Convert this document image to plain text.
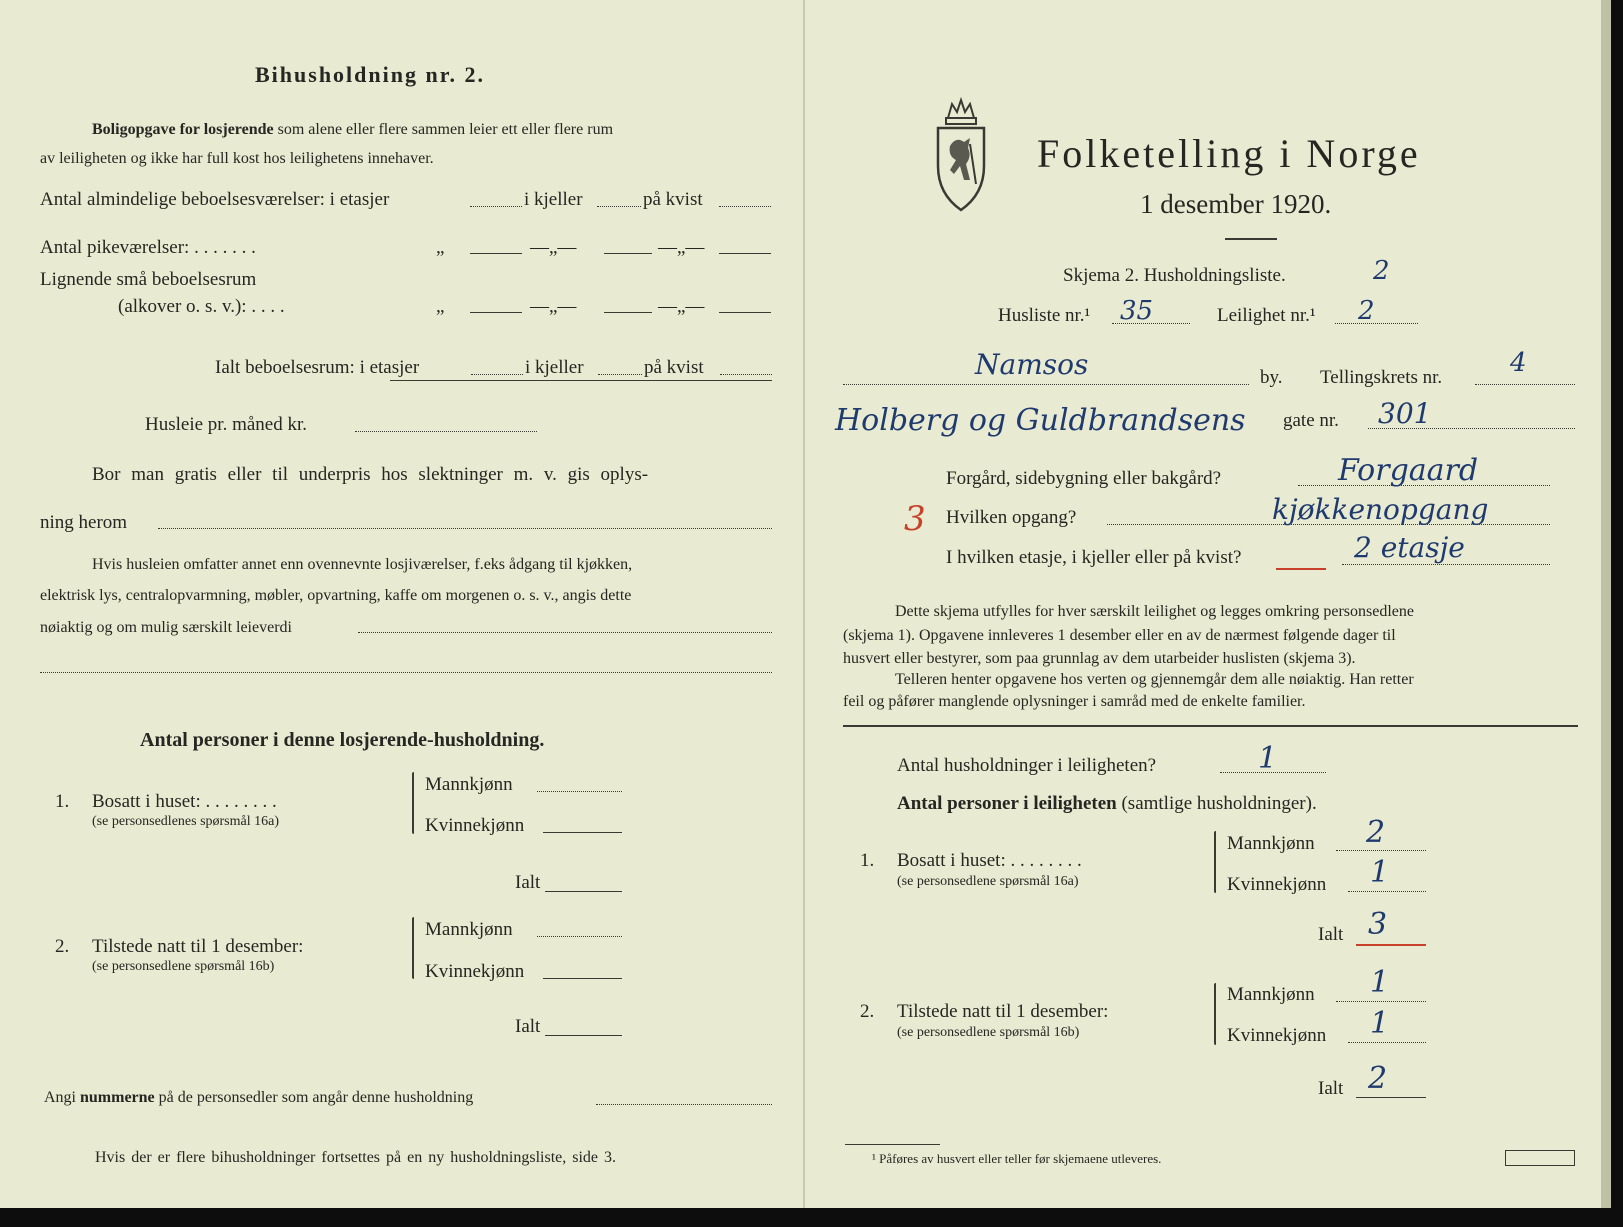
Bihusholdning nr. 2.
Boligopgave for losjerende som alene eller flere sammen leier ett eller flere rum
av leiligheten og ikke har full kost hos leilighetens innehaver.
Antal almindelige beboelsesværelser: i etasjer	i kjeller	på kvist
Antal pikeværelser: . . . . . . .	„	—„—	—„—
Lignende små beboelsesrum
(alkover o. s. v.): . . . .	„	—„—	—„—
Ialt beboelsesrum: i etasjer	i kjeller	på kvist
Husleie pr. måned kr.
Bor man gratis eller til underpris hos slektninger m. v. gis oplys-
ning herom
Hvis husleien omfatter annet enn ovennevnte losjiværelser, f.eks ådgang til kjøkken,
elektrisk lys, centralopvarmning, møbler, opvartning, kaffe om morgenen o. s. v., angis dette
nøiaktig og om mulig særskilt leieverdi
Antal personer i denne losjerende-husholdning.
1. Bosatt i huset: . . . . . . . .
(se personsedlenes spørsmål 16a)
Mannkjønn
Kvinnekjønn
Ialt
2. Tilstede natt til 1 desember:
(se personsedlene spørsmål 16b)
Mannkjønn
Kvinnekjønn
Ialt
Angi nummerne på de personsedler som angår denne husholdning
Hvis der er flere bihusholdninger fortsettes på en ny husholdningsliste, side 3.
Folketelling i Norge
1 desember 1920.
Skjema 2. Husholdningsliste.	2
Husliste nr.¹ 35	Leilighet nr.¹ 2
Namsos	by. Tellingskrets nr.	4
Holberg og Guldbrandsens gate nr. 301
Forgård, sidebygning eller bakgård?	Forgaard
3 Hvilken opgang?	kjøkkenopgang
I hvilken etasje, i kjeller eller på kvist?	2 etasje
Dette skjema utfylles for hver særskilt leilighet og legges omkring personsedlene
(skjema 1). Opgavene innleveres 1 desember eller en av de nærmest følgende dager til
husvert eller bestyrer, som paa grunnlag av dem utarbeider huslisten (skjema 3).
Telleren henter opgavene hos verten og gjennemgår dem alle nøiaktig. Han retter
feil og påfører manglende oplysninger i samråd med de enkelte familier.
Antal husholdninger i leiligheten?	1
Antal personer i leiligheten (samtlige husholdninger).
1. Bosatt i huset: . . . . . . . .
(se personsedlene spørsmål 16a)
Mannkjønn 2
Kvinnekjønn 1
Ialt 3
2. Tilstede natt til 1 desember:
(se personsedlene spørsmål 16b)
Mannkjønn 1
Kvinnekjønn 1
Ialt 2
¹ Påføres av husvert eller teller før skjemaene utleveres.
